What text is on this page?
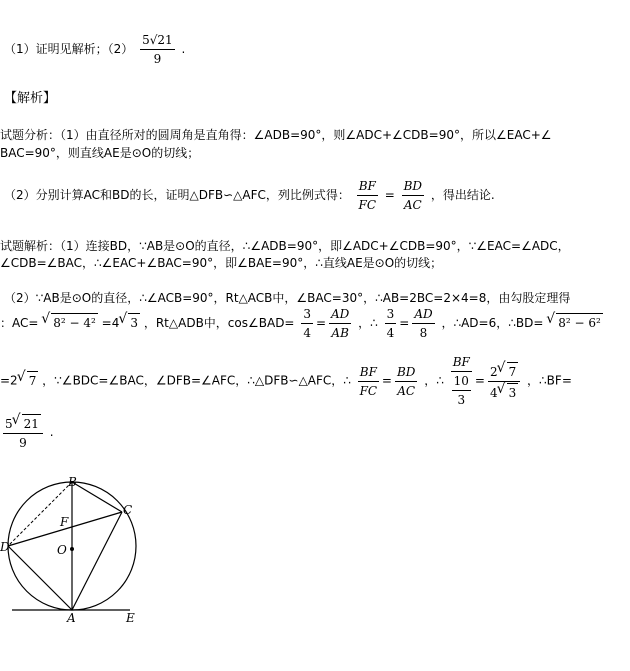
（1）证明见解析；$(2) \frac{5√21}{9}$ .
【解析】
试题分析：（1）由直径所对的圆周角是直角得：∠ADB=90°，则∠ADC+∠CDB=90°，所以∠EAC+∠
BAC=90°，则直线AE是⊙O的切线；
（2）分别计算AC和BD的长，证明△DFB∽△AFC，列比例式得： $\frac{BF}{FC} = \frac{BD}{AC}$ ，得出结论.
试题解析：（1）连接BD，∵AB是⊙O的直径，∴∠ADB=90°，即∠ADC+∠CDB=90°，∵∠EAC=∠ADC，
∠CDB=∠BAC，∴∠EAC+∠BAC=90°，即∠BAE=90°，∴直线AE是⊙O的切线；
（2）∵AB是⊙O的直径，∴∠ACB=90°，Rt△ACB中，∠BAC=30°，∴AB=2BC=2×4=8，由勾股定理得
：AC= √ 8² − 4² =4 √ 3 ，Rt△ADB中，cos∠BAD= $\frac{3}{4} = \frac{AD}{AB}$ ，∴ $\frac{3}{4} = \frac{AD}{8}$ ，∴AD=6，∴BD= √ 8² − 6²
=2 √ 7 ，∵∠BDC=∠BAC，∠DFB=∠AFC，∴△DFB∽△AFC，∴ $\frac{BF}{FC} = \frac{BD}{AC}$ ，∴ $\frac{BF}{\frac{10}{3}} = \frac{2 √ 7}{4 √ 3}$ ，∴BF=
$\frac{5 √ 21}{9}$ .
B
C
D
F
O
A	E
